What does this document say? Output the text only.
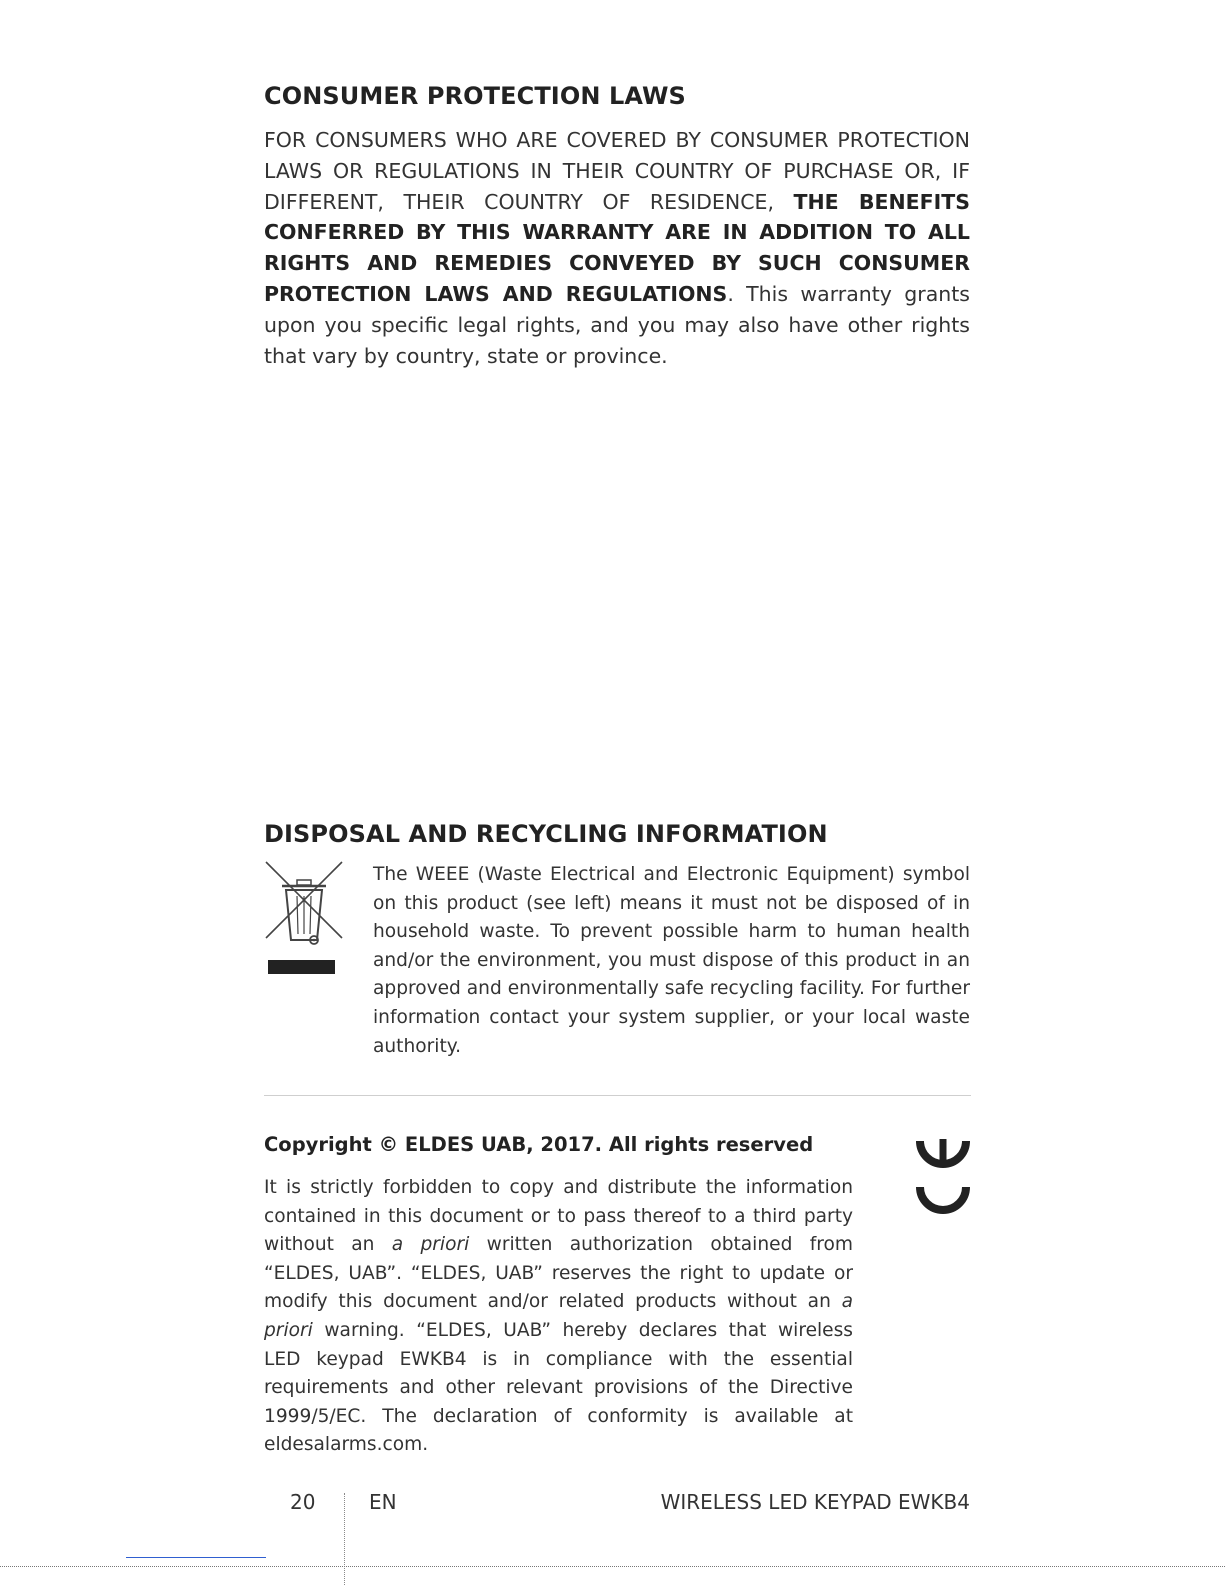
CONSUMER PROTECTION LAWS

FOR CONSUMERS WHO ARE COVERED BY CONSUMER PROTECTION LAWS OR REGULATIONS IN THEIR COUNTRY OF PURCHASE OR, IF DIFFERENT, THEIR COUNTRY OF RESIDENCE, THE BENEFITS CONFERRED BY THIS WARRANTY ARE IN ADDITION TO ALL RIGHTS AND REMEDIES CONVEYED BY SUCH CONSUMER PROTECTION LAWS AND REGULATIONS. This warranty grants upon you specific legal rights, and you may also have other rights that vary by country, state or province.

DISPOSAL AND RECYCLING INFORMATION

The WEEE (Waste Electrical and Electronic Equipment) symbol on this product (see left) means it must not be disposed of in household waste. To prevent possible harm to human health and/or the environment, you must dispose of this product in an approved and environmentally safe recycling facility. For further information contact your system supplier, or your local waste authority.

Copyright © ELDES UAB, 2017. All rights reserved

It is strictly forbidden to copy and distribute the information contained in this document or to pass thereof to a third party without an a priori written authorization obtained from “ELDES, UAB”. “ELDES, UAB” reserves the right to update or modify this document and/or related products without an a priori warning. “ELDES, UAB” hereby declares that wireless LED keypad EWKB4 is in compliance with the essential requirements and other relevant provisions of the Directive 1999/5/EC. The declaration of conformity is available at eldesalarms.com.

20	EN	WIRELESS LED KEYPAD EWKB4
